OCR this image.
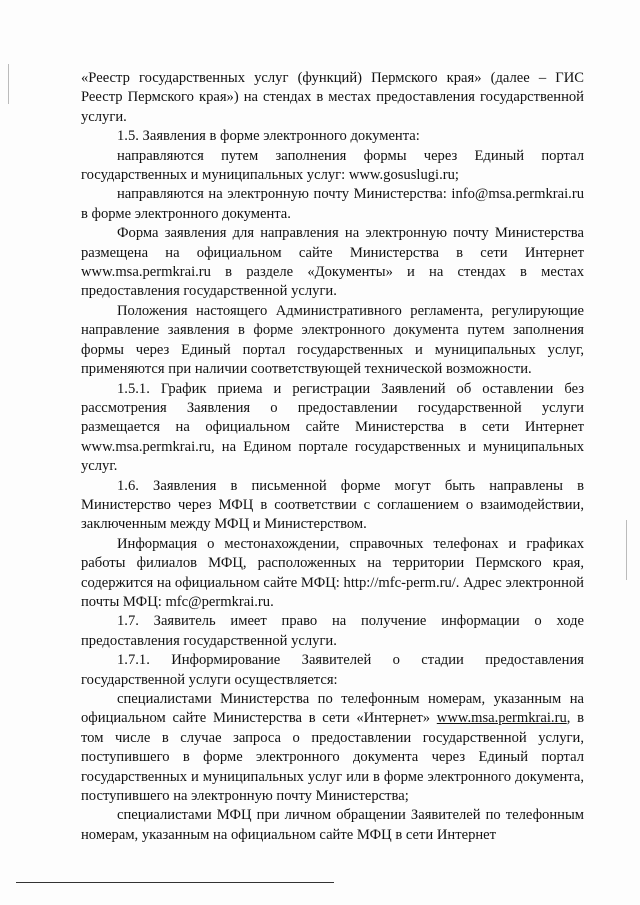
«Реестр государственных услуг (функций) Пермского края» (далее – ГИС Реестр Пермского края») на стендах в местах предоставления государственной услуги.

1.5. Заявления в форме электронного документа:

направляются путем заполнения формы через Единый портал государственных и муниципальных услуг: www.gosuslugi.ru;

направляются на электронную почту Министерства: info@msa.permkrai.ru в форме электронного документа.

Форма заявления для направления на электронную почту Министерства размещена на официальном сайте Министерства в сети Интернет www.msa.permkrai.ru в разделе «Документы» и на стендах в местах предоставления государственной услуги.

Положения настоящего Административного регламента, регулирующие направление заявления в форме электронного документа путем заполнения формы через Единый портал государственных и муниципальных услуг, применяются при наличии соответствующей технической возможности.

1.5.1. График приема и регистрации Заявлений об оставлении без рассмотрения Заявления о предоставлении государственной услуги размещается на официальном сайте Министерства в сети Интернет www.msa.permkrai.ru, на Едином портале государственных и муниципальных услуг.

1.6. Заявления в письменной форме могут быть направлены в Министерство через МФЦ в соответствии с соглашением о взаимодействии, заключенным между МФЦ и Министерством.

Информация о местонахождении, справочных телефонах и графиках работы филиалов МФЦ, расположенных на территории Пермского края, содержится на официальном сайте МФЦ: http://mfc-perm.ru/. Адрес электронной почты МФЦ: mfc@permkrai.ru.

1.7. Заявитель имеет право на получение информации о ходе предоставления государственной услуги.

1.7.1. Информирование Заявителей о стадии предоставления государственной услуги осуществляется:

специалистами Министерства по телефонным номерам, указанным на официальном сайте Министерства в сети «Интернет» www.msa.permkrai.ru, в том числе в случае запроса о предоставлении государственной услуги, поступившего в форме электронного документа через Единый портал государственных и муниципальных услуг или в форме электронного документа, поступившего на электронную почту Министерства;

специалистами МФЦ при личном обращении Заявителей по телефонным номерам, указанным на официальном сайте МФЦ в сети Интернет
